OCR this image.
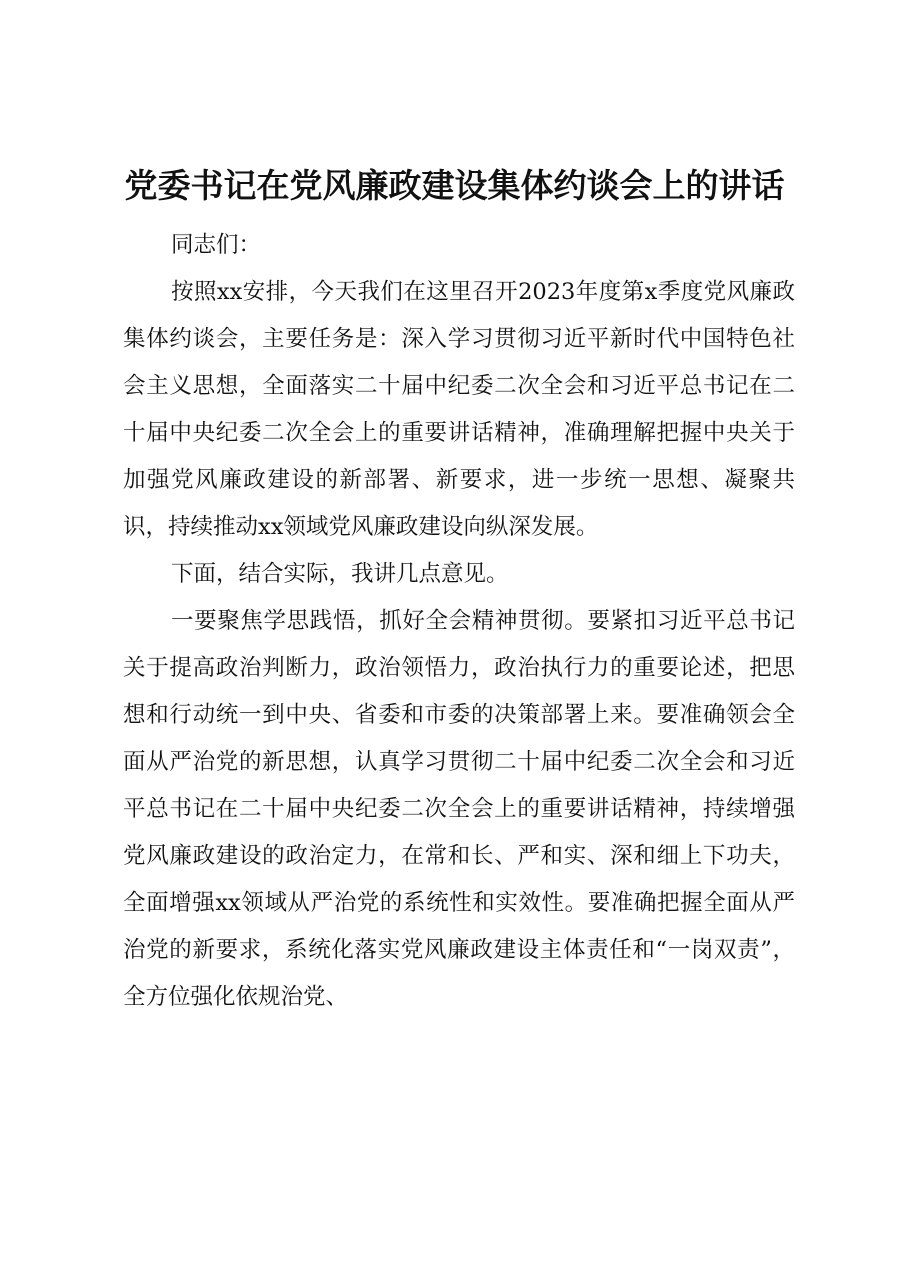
党委书记在党风廉政建设集体约谈会上的讲话

同志们：

按照xx安排，今天我们在这里召开2023年度第x季度党风廉政集体约谈会，主要任务是：深入学习贯彻习近平新时代中国特色社会主义思想，全面落实二十届中纪委二次全会和习近平总书记在二十届中央纪委二次全会上的重要讲话精神，准确理解把握中央关于加强党风廉政建设的新部署、新要求，进一步统一思想、凝聚共识，持续推动xx领域党风廉政建设向纵深发展。

下面，结合实际，我讲几点意见。

一要聚焦学思践悟，抓好全会精神贯彻。要紧扣习近平总书记关于提高政治判断力，政治领悟力，政治执行力的重要论述，把思想和行动统一到中央、省委和市委的决策部署上来。要准确领会全面从严治党的新思想，认真学习贯彻二十届中纪委二次全会和习近平总书记在二十届中央纪委二次全会上的重要讲话精神，持续增强党风廉政建设的政治定力，在常和长、严和实、深和细上下功夫，全面增强xx领域从严治党的系统性和实效性。要准确把握全面从严治党的新要求，系统化落实党风廉政建设主体责任和“一岗双责”，全方位强化依规治党、
